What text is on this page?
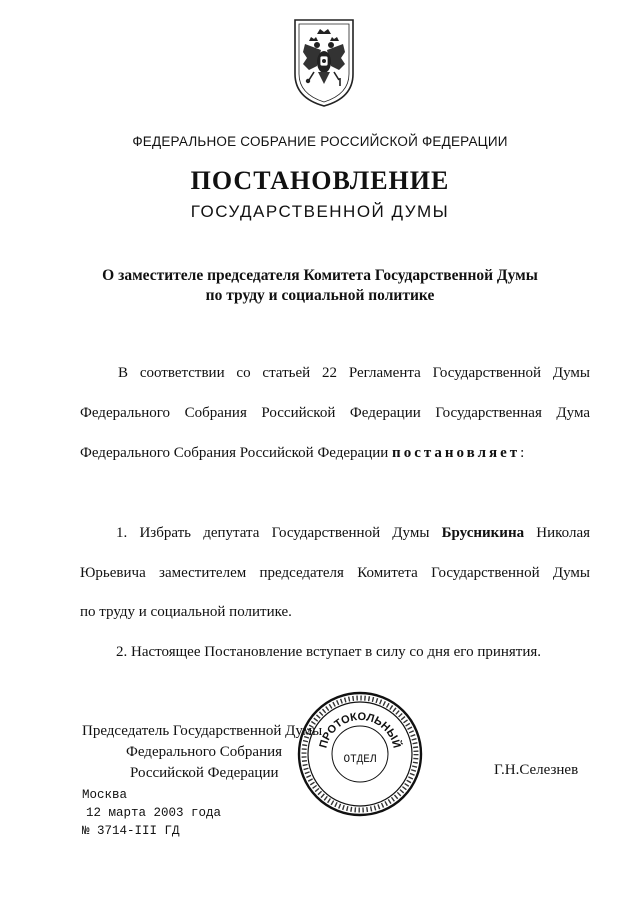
ФЕДЕРАЛЬНОЕ СОБРАНИЕ РОССИЙСКОЙ ФЕДЕРАЦИИ
ПОСТАНОВЛЕНИЕ
ГОСУДАРСТВЕННОЙ ДУМЫ
О заместителе председателя Комитета Государственной Думы
по труду и социальной политике
В соответствии со статьей 22 Регламента Государственной Думы
Федерального Собрания Российской Федерации Государственная Дума
Федерального Собрания Российской Федерации постановляет:
1. Избрать депутата Государственной Думы Брусникина Николая
Юрьевича заместителем председателя Комитета Государственной Думы
по труду и социальной политике.
2. Настоящее Постановление вступает в силу со дня его принятия.
Председатель Государственной Думы
Федерального Собрания
Российской Федерации	Г.Н.Селезнев
ПРОТОКОЛЬНЫЙ
ОТДЕЛ
Москва
12 марта 2003 года
№ 3714-III ГД
